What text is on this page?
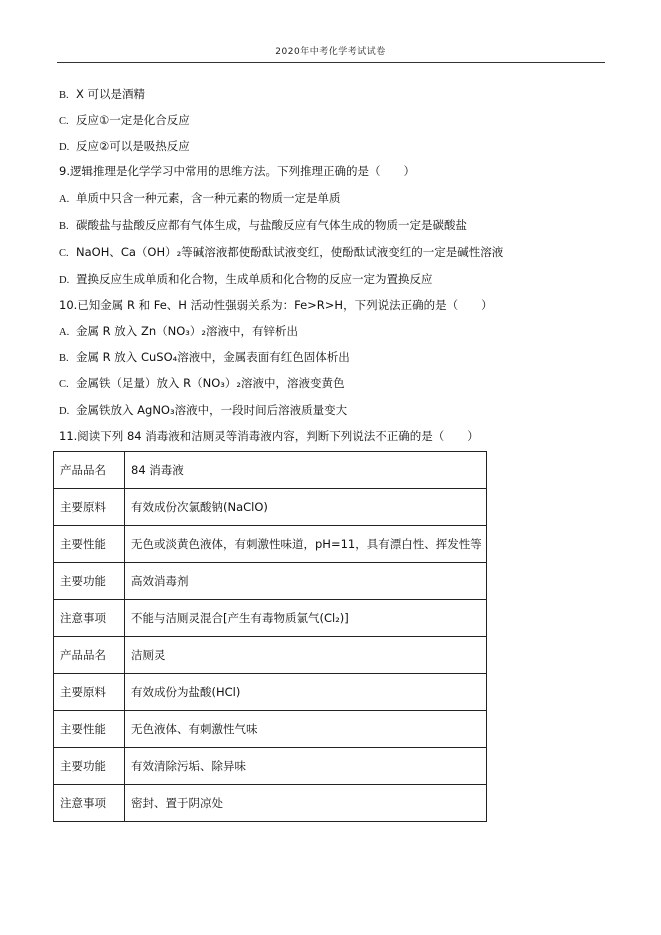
2020年中考化学考试试卷
B. X 可以是酒精
C. 反应①一定是化合反应
D. 反应②可以是吸热反应
9.逻辑推理是化学学习中常用的思维方法。下列推理正确的是（　　）
A. 单质中只含一种元素，含一种元素的物质一定是单质
B. 碳酸盐与盐酸反应都有气体生成，与盐酸反应有气体生成的物质一定是碳酸盐
C. NaOH、Ca（OH）₂等碱溶液都使酚酞试液变红，使酚酞试液变红的一定是碱性溶液
D. 置换反应生成单质和化合物，生成单质和化合物的反应一定为置换反应
10.已知金属 R 和 Fe、H 活动性强弱关系为：Fe>R>H，下列说法正确的是（　　）
A. 金属 R 放入 Zn（NO₃）₂溶液中，有锌析出
B. 金属 R 放入 CuSO₄溶液中，金属表面有红色固体析出
C. 金属铁（足量）放入 R（NO₃）₂溶液中，溶液变黄色
D. 金属铁放入 AgNO₃溶液中，一段时间后溶液质量变大
11.阅读下列 84 消毒液和洁厕灵等消毒液内容，判断下列说法不正确的是（　　）
产品品名	84 消毒液
主要原料	有效成份次氯酸钠(NaClO)
主要性能	无色或淡黄色液体，有刺激性味道，pH=11，具有漂白性、挥发性等
主要功能	高效消毒剂
注意事项	不能与洁厕灵混合[产生有毒物质氯气(Cl₂)]
产品品名	洁厕灵
主要原料	有效成份为盐酸(HCl)
主要性能	无色液体、有刺激性气味
主要功能	有效清除污垢、除异味
注意事项	密封、置于阴凉处
